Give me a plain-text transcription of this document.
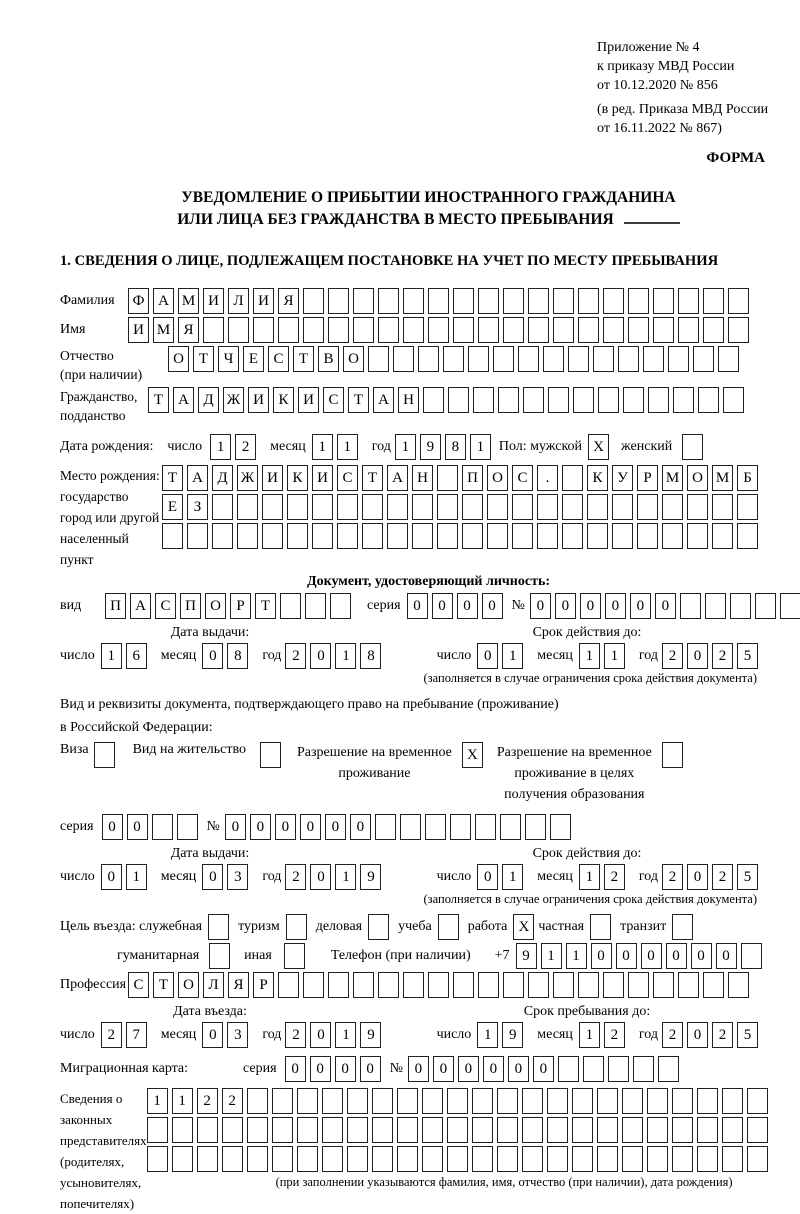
Приложение № 4
к приказу МВД России
от 10.12.2020 № 856
(в ред. Приказа МВД России
от 16.11.2022 № 867)
ФОРМА
УВЕДОМЛЕНИЕ О ПРИБЫТИИ ИНОСТРАННОГО ГРАЖДАНИНА
ИЛИ ЛИЦА БЕЗ ГРАЖДАНСТВА В МЕСТО ПРЕБЫВАНИЯ
1. СВЕДЕНИЯ О ЛИЦЕ, ПОДЛЕЖАЩЕМ ПОСТАНОВКЕ НА УЧЕТ ПО МЕСТУ ПРЕБЫВАНИЯ
Фамилия	Ф А М И Л И Я
Имя	И М Я
Отчество
(при наличии)
О Т	Ч	Е	С	Т	В О
Гражданство,
подданство
Т	А Д Ж И К И С	Т	А Н
Дата рождения: число 1	2	месяц 1	1	год 1	9	8	1	Пол: мужской X	женский
Место рождения:
государство
город или другой
населенный пункт
Т	А Д Ж И К И С	Т	А Н	П О С	.	К У	Р М О М Б
Е	З
Документ, удостоверяющий личность:
вид	П А С П О	Р	Т	серия 0	0	0	0	№ 0	0	0	0	0	0
Дата выдачи:	Срок действия до:
число 1	6	месяц 0	8	год 2	0	1	8	число 0	1	месяц 1	1	год 2	0	2	5
(заполняется в случае ограничения срока действия документа)
Вид и реквизиты документа, подтверждающего право на пребывание (проживание)
в Российской Федерации:
Виза	Вид на жительство	Разрешение на временное
проживание
X	Разрешение на временное
проживание в целях
получения образования
серия 0	0	№ 0	0	0	0	0	0
Дата выдачи:	Срок действия до:
число 0	1	месяц 0	3	год 2	0	1	9	число 0	1	месяц 1	2	год 2	0	2	5
(заполняется в случае ограничения срока действия документа)
Цель въезда: служебная	туризм	деловая	учеба	работа X частная	транзит
гуманитарная	иная	Телефон (при наличии) +7 9	1	1	0	0	0	0	0	0
Профессия С	Т	О Л Я	Р
Дата въезда:	Срок пребывания до:
число 2	7	месяц 0	3	год 2	0	1	9	число 1	9	месяц 1	2	год 2	0	2	5
Миграционная карта:	серия 0	0	0	0	№ 0	0	0	0	0	0
Сведения о
законных
представителях
(родителях,
усыновителях,
попечителях)
1	1	2	2
(при заполнении указываются фамилия, имя, отчество (при наличии), дата рождения)
